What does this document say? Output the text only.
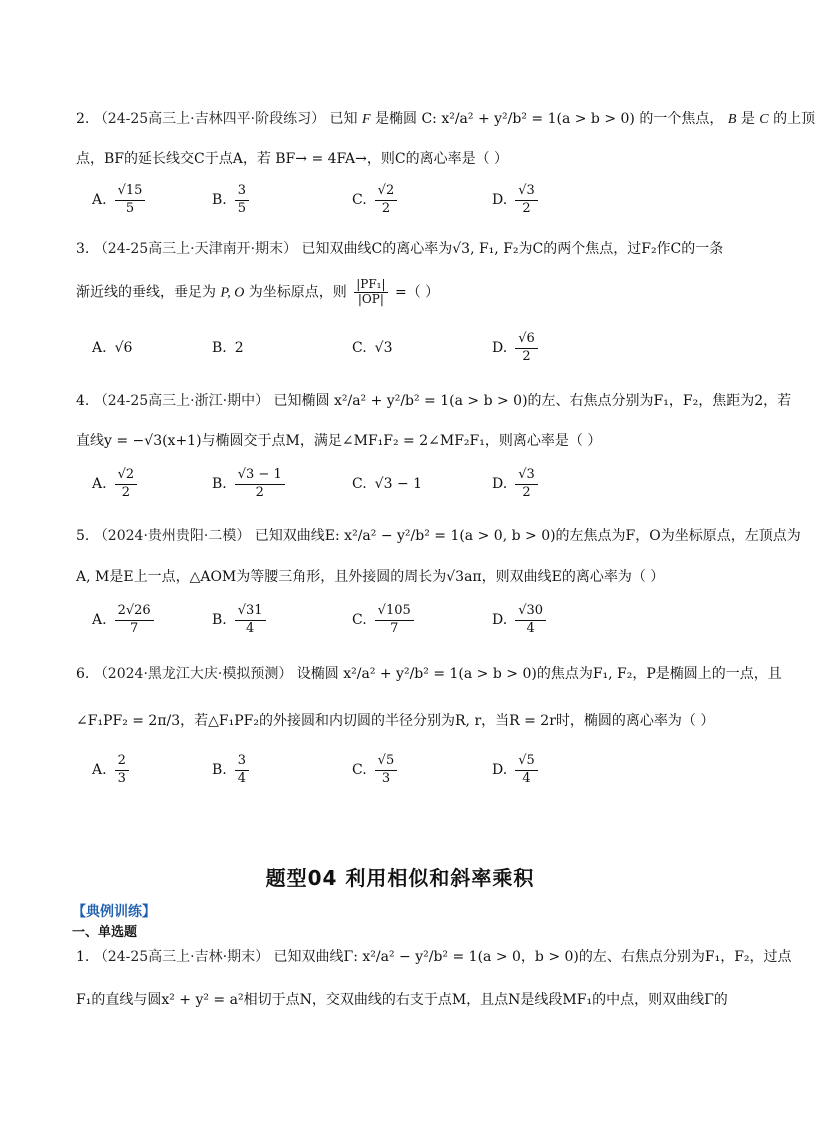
2. （24-25高三上·吉林四平·阶段练习） 已知 F 是椭圆 C: x²/a² + y²/b² = 1(a > b > 0) 的一个焦点， B 是 C 的上顶
点，BF的延长线交C于点A，若 BF→ = 4FA→，则C的离心率是（ ）
A. $\frac{√15}{5}$	B. $\frac{3}{5}$	C. $\frac{√2}{2}$	D. $\frac{√3}{2}$
3. （24-25高三上·天津南开·期末） 已知双曲线C的离心率为√3, F₁, F₂为C的两个焦点，过F₂作C的一条
渐近线的垂线，垂足为 P, O 为坐标原点，则 $\frac{\text{|PF₁|}}{|OP|}$ =（ ）
A. √6	B. 2	C. √3	D. $\frac{√6}{2}$
4. （24-25高三上·浙江·期中） 已知椭圆 x²/a² + y²/b² = 1(a > b > 0)的左、右焦点分别为F₁，F₂，焦距为2，若
直线y = −√3(x+1)与椭圆交于点M，满足∠MF₁F₂ = 2∠MF₂F₁，则离心率是（ ）
A. $\frac{√2}{2}$	B. $\frac{√3 - 1}{2}$	C. √3 − 1	D. $\frac{√3}{2}$
5. （2024·贵州贵阳·二模） 已知双曲线E: x²/a² − y²/b² = 1(a > 0, b > 0)的左焦点为F，O为坐标原点，左顶点为
A, M是E上一点，△AOM为等腰三角形，且外接圆的周长为√3aπ，则双曲线E的离心率为（ ）
A. $\frac{2√26}{7}$	B. $\frac{√31}{4}$	C. $\frac{√105}{7}$	D. $\frac{√30}{4}$
6. （2024·黑龙江大庆·模拟预测） 设椭圆 x²/a² + y²/b² = 1(a > b > 0)的焦点为F₁, F₂，P是椭圆上的一点，且
∠F₁PF₂ = 2π/3，若△F₁PF₂的外接圆和内切圆的半径分别为R, r，当R = 2r时，椭圆的离心率为（ ）
A. $\frac{2}{3}$	B. $\frac{3}{4}$	C. $\frac{√5}{3}$	D. $\frac{√5}{4}$
题型04 利用相似和斜率乘积
【典例训练】
一、单选题
1. （24-25高三上·吉林·期末） 已知双曲线Γ: x²/a² − y²/b² = 1(a > 0，b > 0)的左、右焦点分别为F₁，F₂，过点
F₁的直线与圆x² + y² = a²相切于点N，交双曲线的右支于点M，且点N是线段MF₁的中点，则双曲线Γ的
